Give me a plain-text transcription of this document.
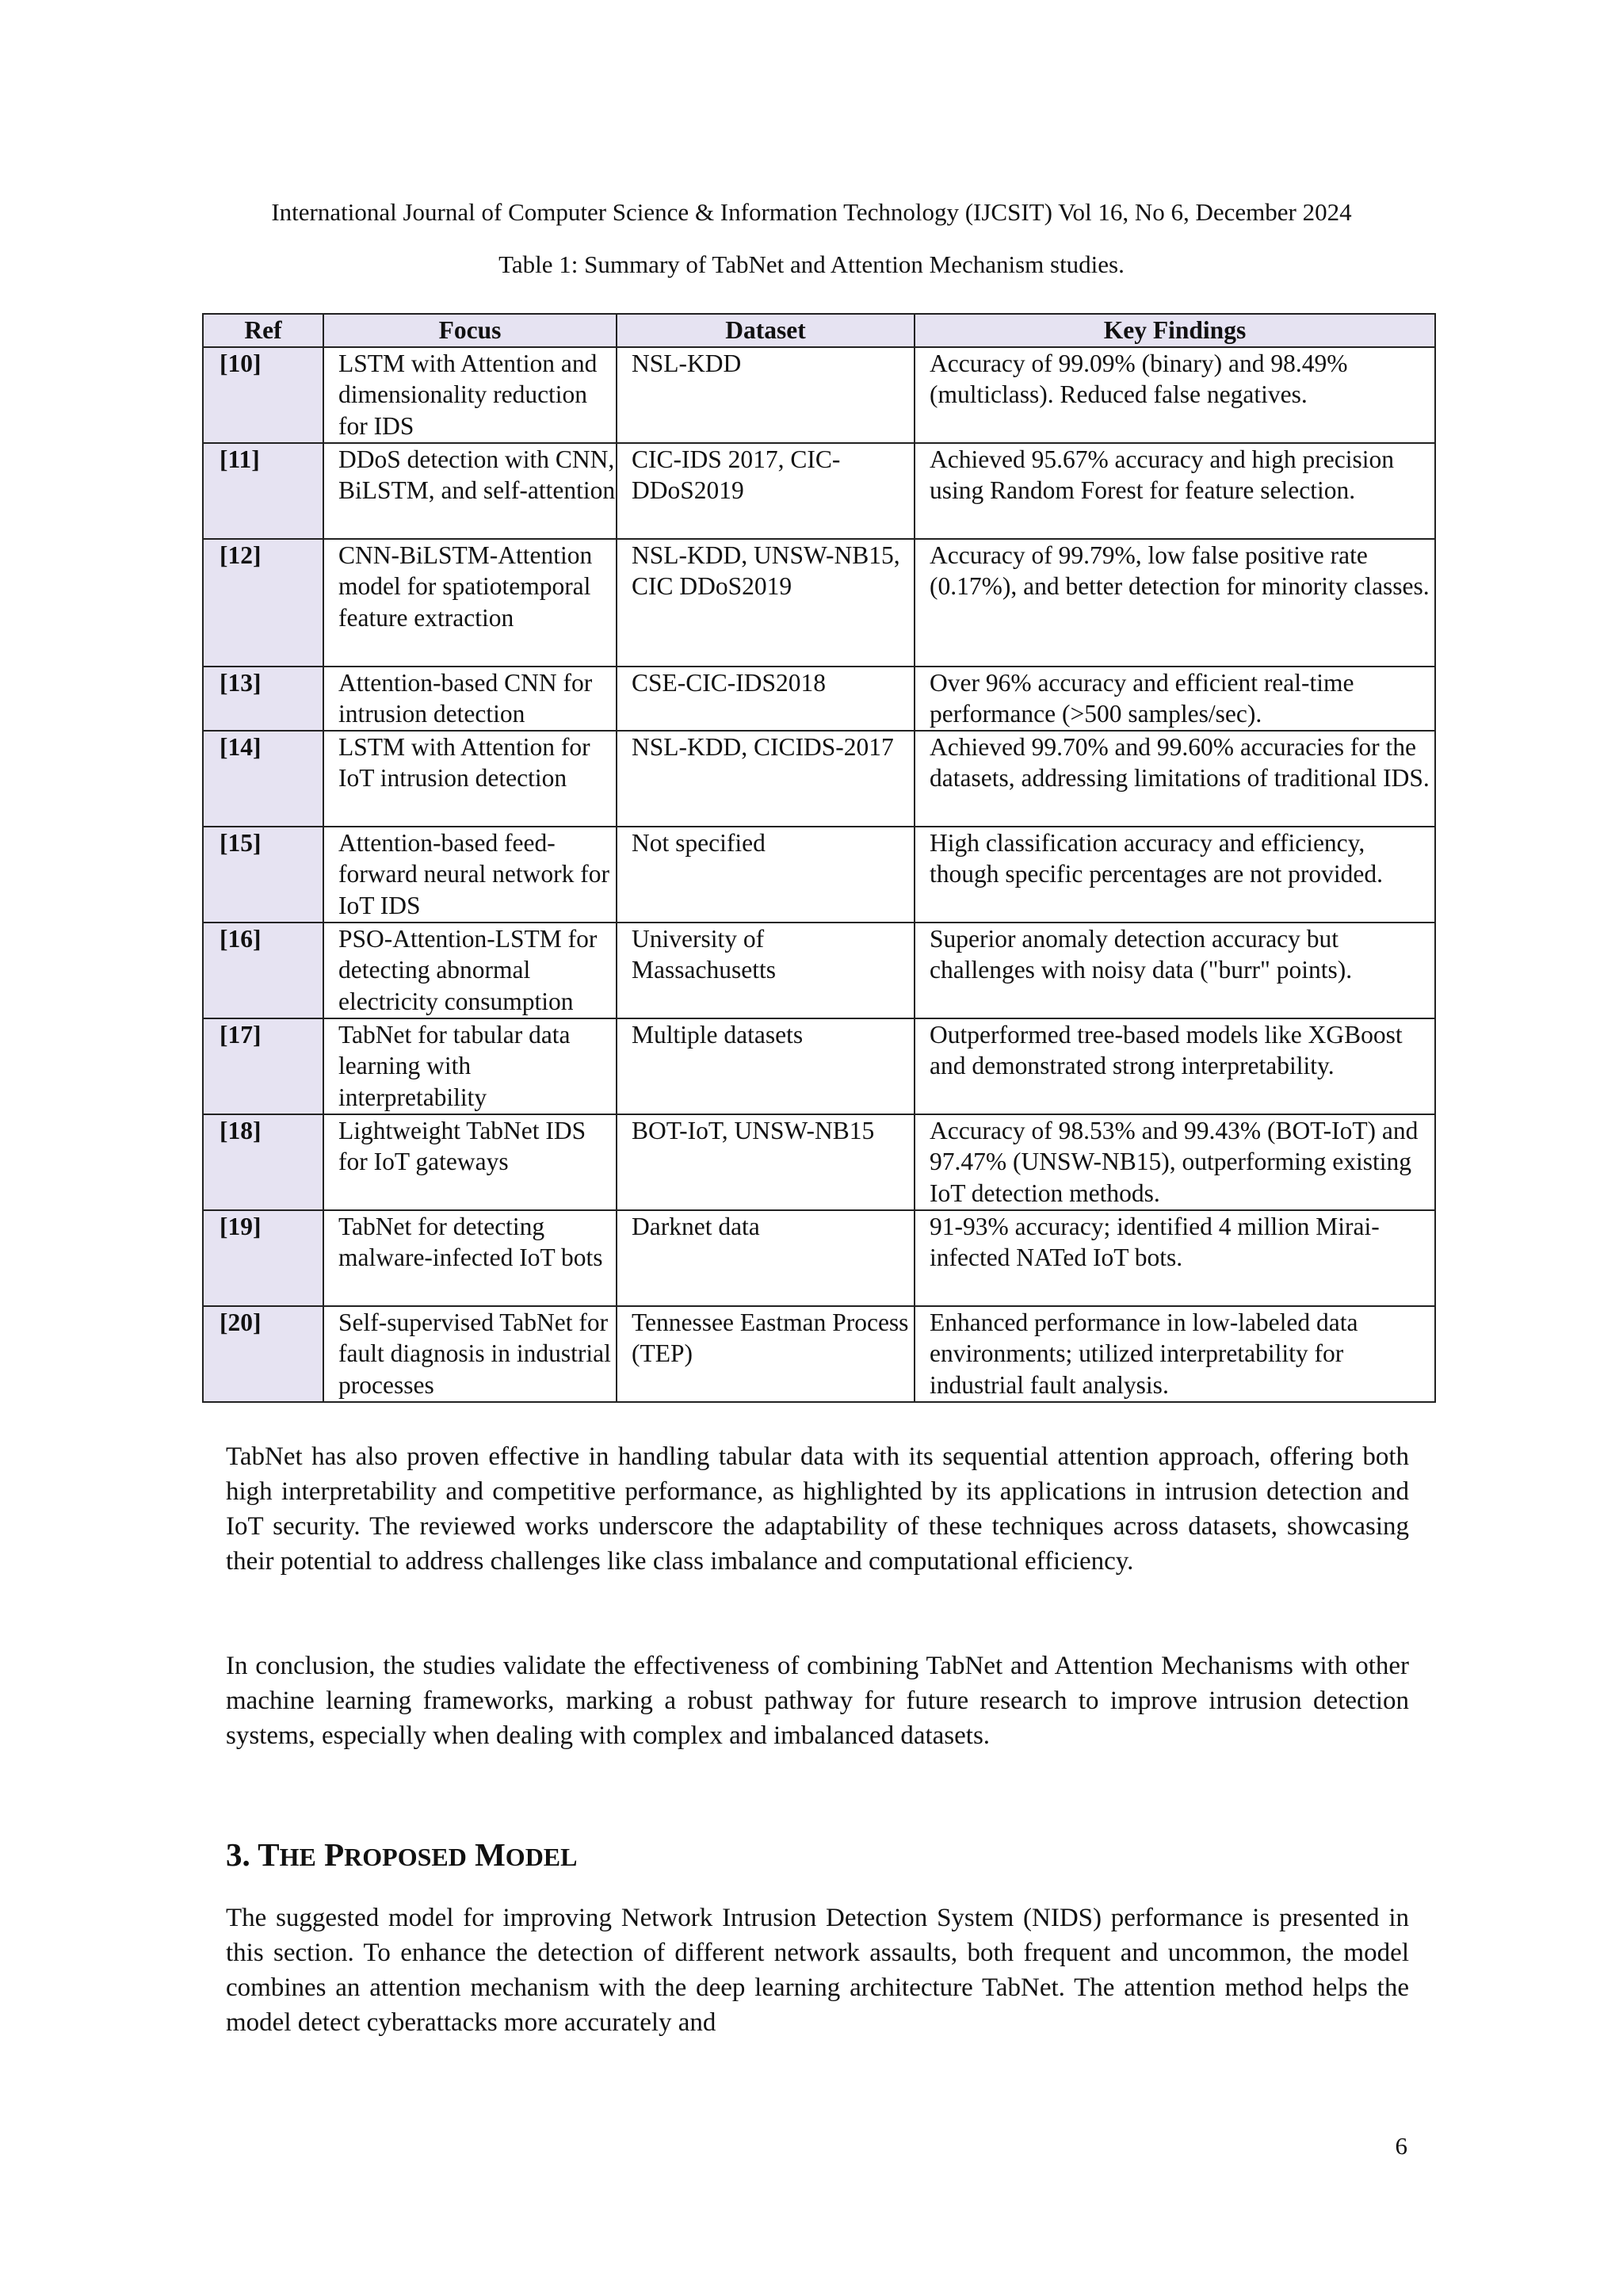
International Journal of Computer Science & Information Technology (IJCSIT) Vol 16, No 6, December 2024
Table 1: Summary of TabNet and Attention Mechanism studies.
Ref	Focus	Dataset	Key Findings
[10]	LSTM with Attention and dimensionality reduction for IDS	NSL-KDD	Accuracy of 99.09% (binary) and 98.49% (multiclass). Reduced false negatives.
[11]	DDoS detection with CNN, BiLSTM, and self-attention	CIC-IDS 2017, CIC-DDoS2019	Achieved 95.67% accuracy and high precision using Random Forest for feature selection.
[12]	CNN-BiLSTM-Attention model for spatiotemporal feature extraction	NSL-KDD, UNSW-NB15, CIC DDoS2019	Accuracy of 99.79%, low false positive rate (0.17%), and better detection for minority classes.
[13]	Attention-based CNN for intrusion detection	CSE-CIC-IDS2018	Over 96% accuracy and efficient real-time performance (>500 samples/sec).
[14]	LSTM with Attention for IoT intrusion detection	NSL-KDD, CICIDS-2017	Achieved 99.70% and 99.60% accuracies for the datasets, addressing limitations of traditional IDS.
[15]	Attention-based feed-forward neural network for IoT IDS	Not specified	High classification accuracy and efficiency, though specific percentages are not provided.
[16]	PSO-Attention-LSTM for detecting abnormal electricity consumption	University of Massachusetts	Superior anomaly detection accuracy but challenges with noisy data ("burr" points).
[17]	TabNet for tabular data learning with interpretability	Multiple datasets	Outperformed tree-based models like XGBoost and demonstrated strong interpretability.
[18]	Lightweight TabNet IDS for IoT gateways	BOT-IoT, UNSW-NB15	Accuracy of 98.53% and 99.43% (BOT-IoT) and 97.47% (UNSW-NB15), outperforming existing IoT detection methods.
[19]	TabNet for detecting malware-infected IoT bots	Darknet data	91-93% accuracy; identified 4 million Mirai-infected NATed IoT bots.
[20]	Self-supervised TabNet for fault diagnosis in industrial processes	Tennessee Eastman Process (TEP)	Enhanced performance in low-labeled data environments; utilized interpretability for industrial fault analysis.

TabNet has also proven effective in handling tabular data with its sequential attention approach, offering both high interpretability and competitive performance, as highlighted by its applications in intrusion detection and IoT security. The reviewed works underscore the adaptability of these techniques across datasets, showcasing their potential to address challenges like class imbalance and computational efficiency.

In conclusion, the studies validate the effectiveness of combining TabNet and Attention Mechanisms with other machine learning frameworks, marking a robust pathway for future research to improve intrusion detection systems, especially when dealing with complex and imbalanced datasets.

3. THE PROPOSED MODEL

The suggested model for improving Network Intrusion Detection System (NIDS) performance is presented in this section. To enhance the detection of different network assaults, both frequent and uncommon, the model combines an attention mechanism with the deep learning architecture TabNet. The attention method helps the model detect cyberattacks more accurately and

6
